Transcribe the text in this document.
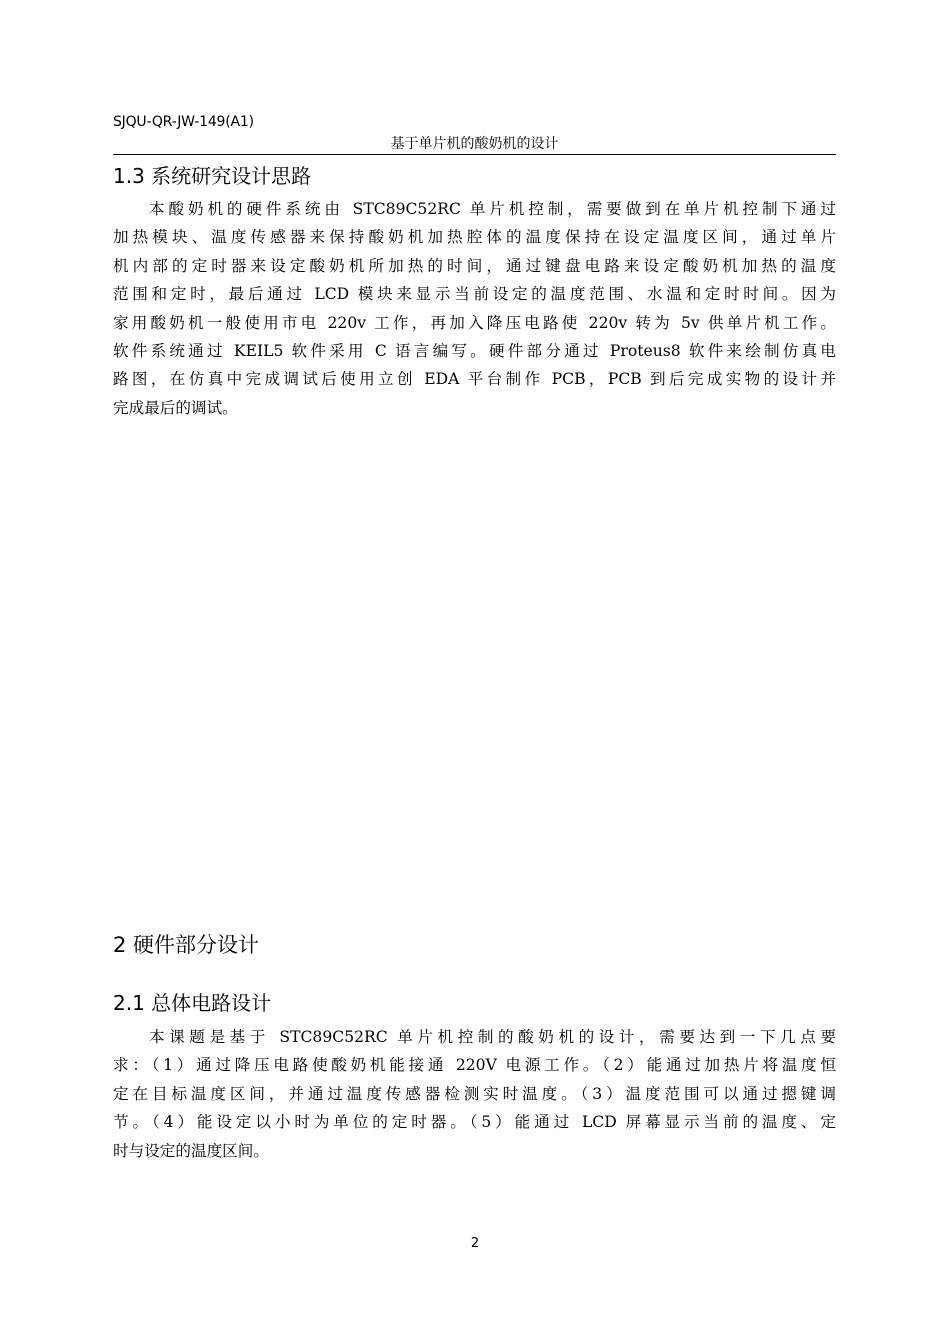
SJQU-QR-JW-149(A1)
基于单片机的酸奶机的设计
1.3 系统研究设计思路
本酸奶机的硬件系统由 STC89C52RC 单片机控制，需要做到在单片机控制下通过
加热模块、温度传感器来保持酸奶机加热腔体的温度保持在设定温度区间，通过单片
机内部的定时器来设定酸奶机所加热的时间，通过键盘电路来设定酸奶机加热的温度
范围和定时，最后通过 LCD 模块来显示当前设定的温度范围、水温和定时时间。因为
家用酸奶机一般使用市电 220v 工作，再加入降压电路使 220v 转为 5v 供单片机工作。
软件系统通过 KEIL5 软件采用 C 语言编写。硬件部分通过 Proteus8 软件来绘制仿真电
路图，在仿真中完成调试后使用立创 EDA 平台制作 PCB，PCB 到后完成实物的设计并
完成最后的调试。
2 硬件部分设计
2.1 总体电路设计
本课题是基于 STC89C52RC 单片机控制的酸奶机的设计，需要达到一下几点要
求：（1）通过降压电路使酸奶机能接通 220V 电源工作。（2）能通过加热片将温度恒
定在目标温度区间，并通过温度传感器检测实时温度。（3）温度范围可以通过摁键调
节。（4）能设定以小时为单位的定时器。（5）能通过 LCD 屏幕显示当前的温度、定
时与设定的温度区间。
2
